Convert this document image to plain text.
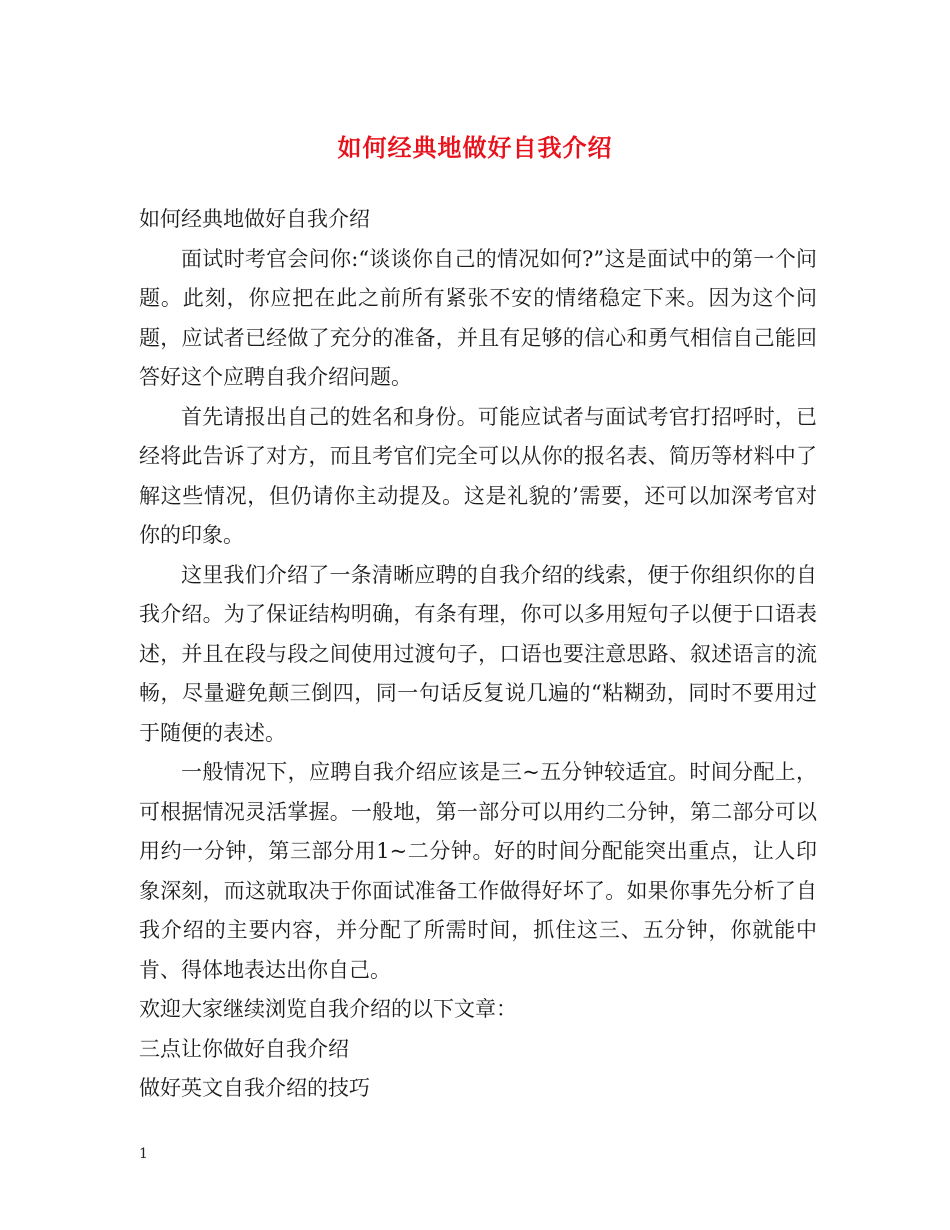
如何经典地做好自我介绍

如何经典地做好自我介绍

面试时考官会问你:“谈谈你自己的情况如何?”这是面试中的第一个问题。此刻，你应把在此之前所有紧张不安的情绪稳定下来。因为这个问题，应试者已经做了充分的准备，并且有足够的信心和勇气相信自己能回答好这个应聘自我介绍问题。

首先请报出自己的姓名和身份。可能应试者与面试考官打招呼时，已经将此告诉了对方，而且考官们完全可以从你的报名表、简历等材料中了解这些情况，但仍请你主动提及。这是礼貌的’需要，还可以加深考官对你的印象。

这里我们介绍了一条清晰应聘的自我介绍的线索，便于你组织你的自我介绍。为了保证结构明确，有条有理，你可以多用短句子以便于口语表述，并且在段与段之间使用过渡句子，口语也要注意思路、叙述语言的流畅，尽量避免颠三倒四，同一句话反复说几遍的“粘糊劲，同时不要用过于随便的表述。

一般情况下，应聘自我介绍应该是三~五分钟较适宜。时间分配上，可根据情况灵活掌握。一般地，第一部分可以用约二分钟，第二部分可以用约一分钟，第三部分用1~二分钟。好的时间分配能突出重点，让人印象深刻，而这就取决于你面试准备工作做得好坏了。如果你事先分析了自我介绍的主要内容，并分配了所需时间，抓住这三、五分钟，你就能中肯、得体地表达出你自己。

欢迎大家继续浏览自我介绍的以下文章：

三点让你做好自我介绍

做好英文自我介绍的技巧

1
